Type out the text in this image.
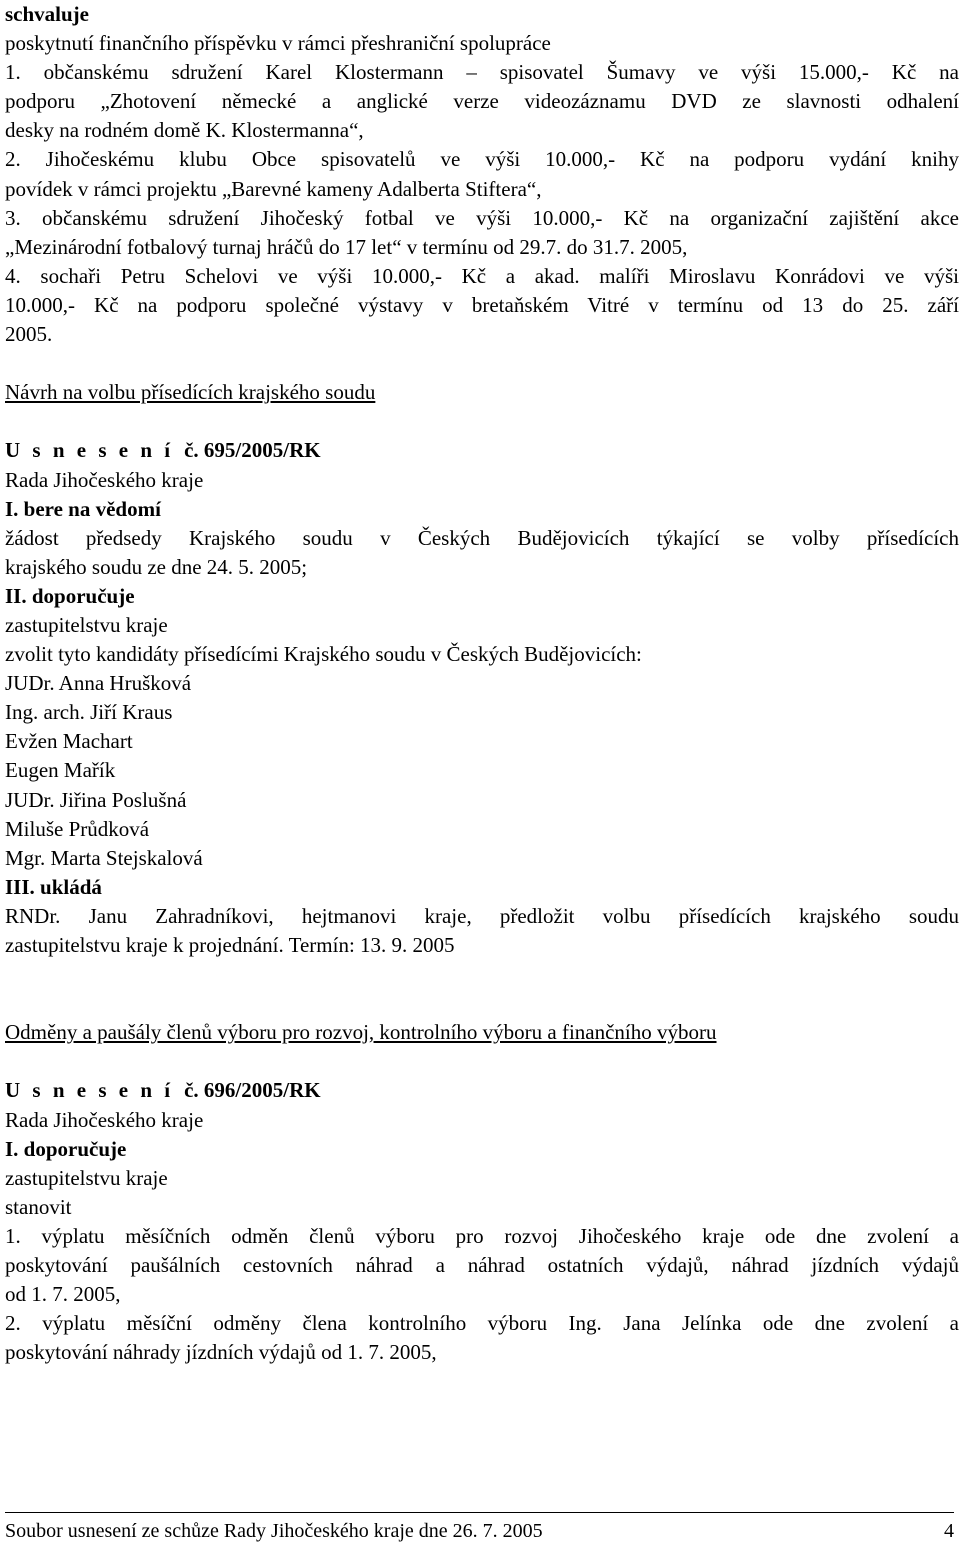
schvaluje
poskytnutí finančního příspěvku v rámci přeshraniční spolupráce
1. občanskému sdružení Karel Klostermann – spisovatel Šumavy ve výši 15.000,- Kč na
podporu „Zhotovení německé a anglické verze videozáznamu DVD ze slavnosti odhalení
desky na rodném domě K. Klostermanna“,
2. Jihočeskému klubu Obce spisovatelů ve výši 10.000,- Kč na podporu vydání knihy
povídek v rámci projektu „Barevné kameny Adalberta Stiftera“,
3. občanskému sdružení Jihočeský fotbal ve výši 10.000,- Kč na organizační zajištění akce
„Mezinárodní fotbalový turnaj hráčů do 17 let“ v termínu od 29.7. do 31.7. 2005,
4. sochaři Petru Schelovi ve výši 10.000,- Kč a akad. malíři Miroslavu Konrádovi ve výši
10.000,- Kč na podporu společné výstavy v bretaňském Vitré v termínu od 13 do 25. září
2005.
Návrh na volbu přísedících krajského soudu
U s n e s e n í č. 695/2005/RK
Rada Jihočeského kraje
I. bere na vědomí
žádost předsedy Krajského soudu v Českých Budějovicích týkající se volby přísedících
krajského soudu ze dne 24. 5. 2005;
II. doporučuje
zastupitelstvu kraje
zvolit tyto kandidáty přísedícími Krajského soudu v Českých Budějovicích:
JUDr. Anna Hrušková
Ing. arch. Jiří Kraus
Evžen Machart
Eugen Mařík
JUDr. Jiřina Poslušná
Miluše Průdková
Mgr. Marta Stejskalová
III. ukládá
RNDr. Janu Zahradníkovi, hejtmanovi kraje, předložit volbu přísedících krajského soudu
zastupitelstvu kraje k projednání. Termín: 13. 9. 2005
Odměny a paušály členů výboru pro rozvoj, kontrolního výboru a finančního výboru
U s n e s e n í č. 696/2005/RK
Rada Jihočeského kraje
I. doporučuje
zastupitelstvu kraje
stanovit
1. výplatu měsíčních odměn členů výboru pro rozvoj Jihočeského kraje ode dne zvolení a
poskytování paušálních cestovních náhrad a náhrad ostatních výdajů, náhrad jízdních výdajů
od 1. 7. 2005,
2. výplatu měsíční odměny člena kontrolního výboru Ing. Jana Jelínka ode dne zvolení a
poskytování náhrady jízdních výdajů od 1. 7. 2005,
Soubor usnesení ze schůze Rady Jihočeského kraje dne 26. 7. 2005	4
